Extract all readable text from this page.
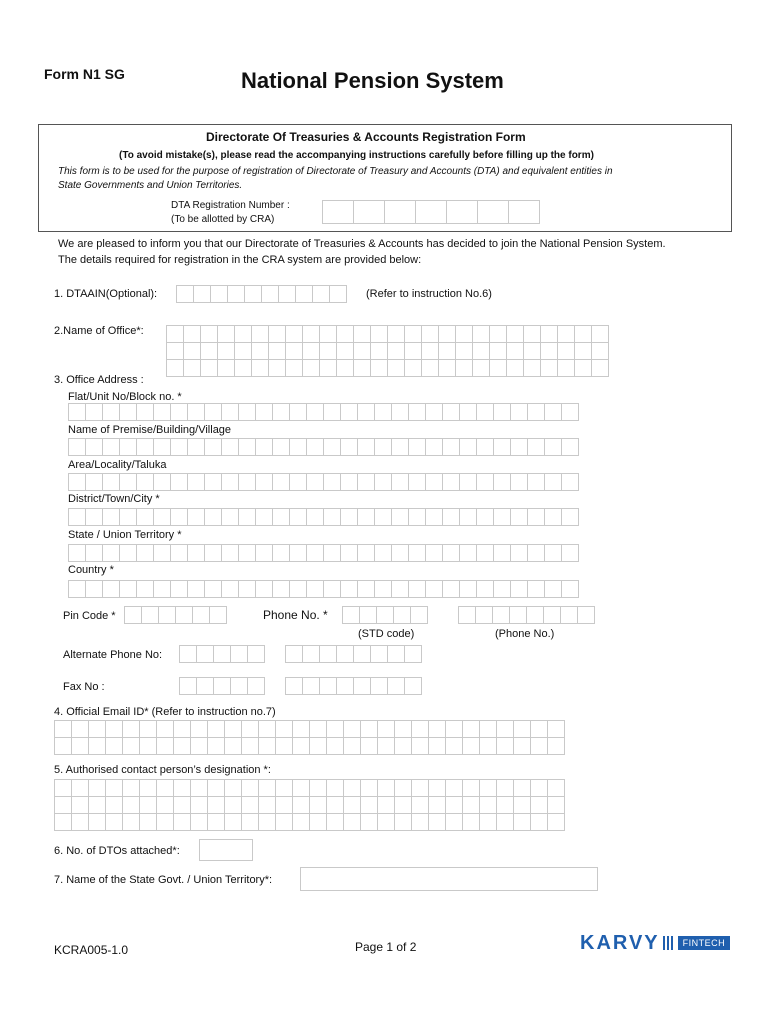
Form N1 SG	National Pension System
Directorate Of Treasuries & Accounts Registration Form
(To avoid mistake(s), please read the accompanying instructions carefully before filling up the form)
This form is to be used for the purpose of registration of Directorate of Treasury and Accounts (DTA) and equivalent entities in
State Governments and Union Territories.
DTA Registration Number :
(To be allotted by CRA)
We are pleased to inform you that our Directorate of Treasuries & Accounts has decided to join the National Pension System.
The details required for registration in the CRA system are provided below:
1. DTAAIN(Optional):	(Refer to instruction No.6)
2.Name of Office*:
3. Office Address :
Flat/Unit No/Block no. *
Name of Premise/Building/Village
Area/Locality/Taluka
District/Town/City *
State / Union Territory *
Country *
Pin Code *	Phone No. *
(STD code)	(Phone No.)
Alternate Phone No:
Fax No :
4. Official Email ID* (Refer to instruction no.7)
5. Authorised contact person’s designation *:
6. No. of DTOs attached*:
7. Name of the State Govt. / Union Territory*:
KCRA005-1.0	Page 1 of 2	KARVY	FINTECH
